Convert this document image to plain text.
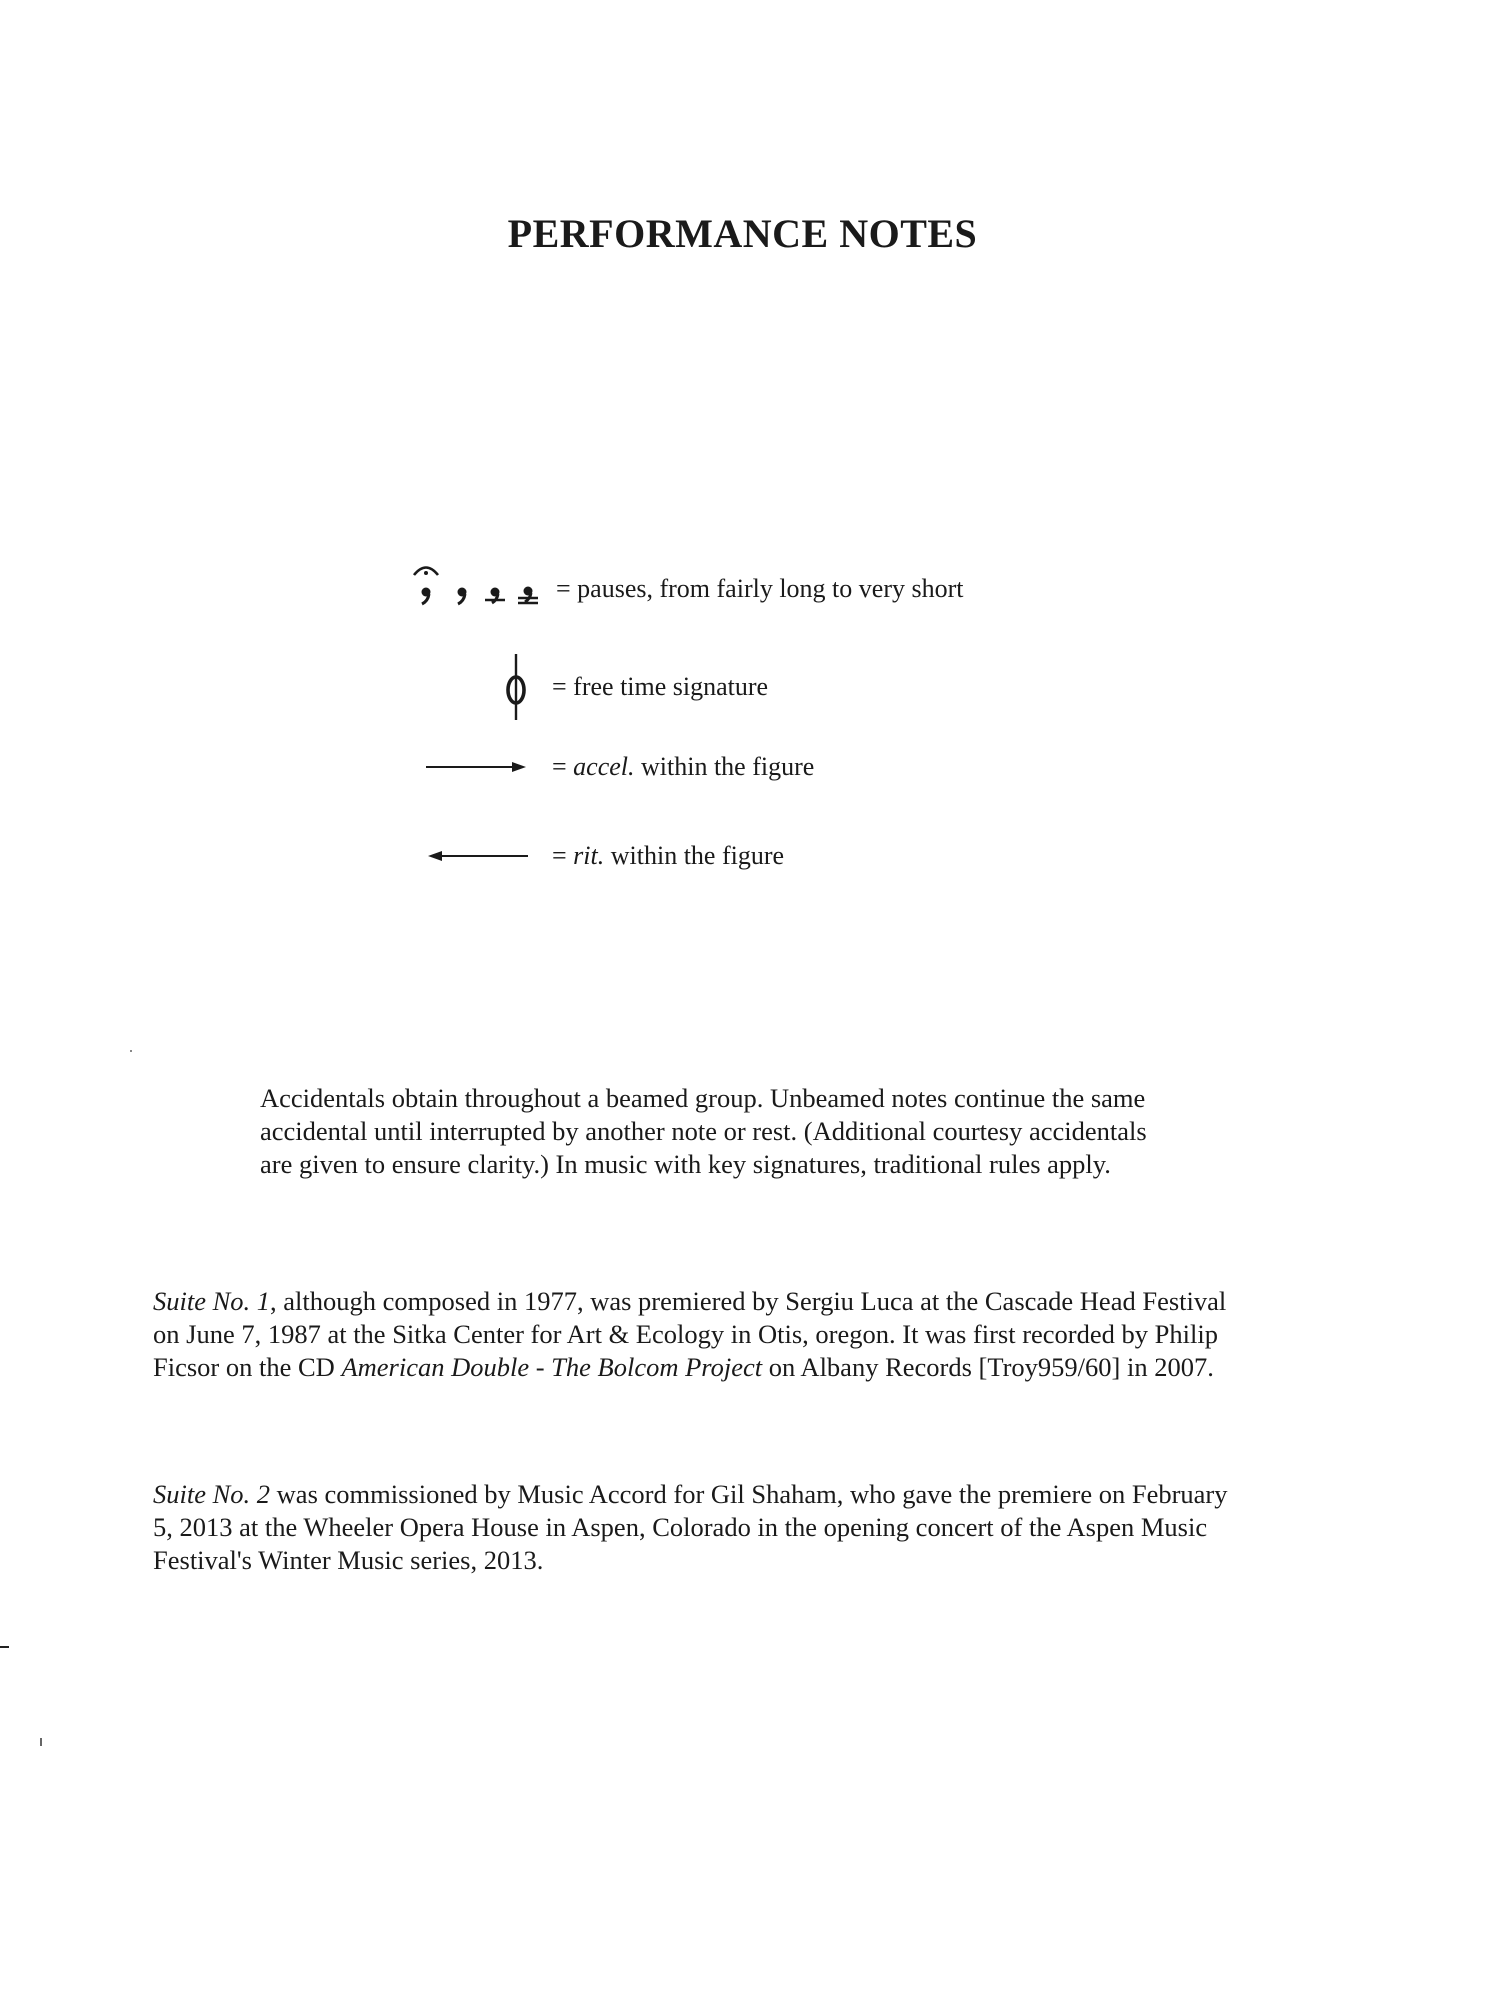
PERFORMANCE NOTES
= pauses, from fairly long to very short
= free time signature
= accel. within the figure
= rit. within the figure

Accidentals obtain throughout a beamed group. Unbeamed notes continue the same
accidental until interrupted by another note or rest. (Additional courtesy accidentals
are given to ensure clarity.) In music with key signatures, traditional rules apply.

Suite No. 1, although composed in 1977, was premiered by Sergiu Luca at the Cascade Head Festival
on June 7, 1987 at the Sitka Center for Art & Ecology in Otis, oregon. It was first recorded by Philip
Ficsor on the CD American Double - The Bolcom Project on Albany Records [Troy959/60] in 2007.

Suite No. 2 was commissioned by Music Accord for Gil Shaham, who gave the premiere on February
5, 2013 at the Wheeler Opera House in Aspen, Colorado in the opening concert of the Aspen Music
Festival's Winter Music series, 2013.
